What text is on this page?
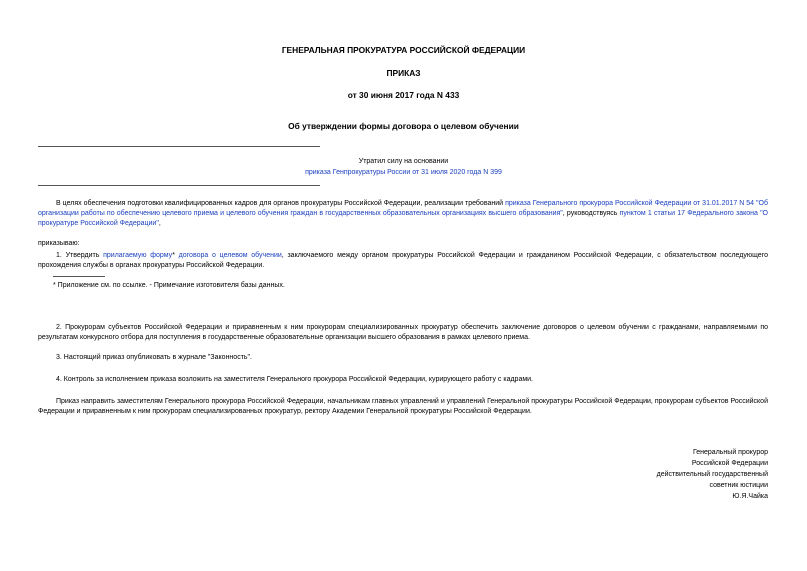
ГЕНЕРАЛЬНАЯ ПРОКУРАТУРА РОССИЙСКОЙ ФЕДЕРАЦИИ
ПРИКАЗ
от 30 июня 2017 года N 433
Об утверждении формы договора о целевом обучении
Утратил силу на основании
приказа Генпрокуратуры России от 31 июля 2020 года N 399
В целях обеспечения подготовки квалифицированных кадров для органов прокуратуры Российской Федерации, реализации требований приказа Генерального прокурора Российской Федерации от 31.01.2017 N 54 "Об организации работы по обеспечению целевого приема и целевого обучения граждан в государственных образовательных организациях высшего образования", руководствуясь пунктом 1 статьи 17 Федерального закона "О прокуратуре Российской Федерации",
приказываю:
1. Утвердить прилагаемую форму* договора о целевом обучении, заключаемого между органом прокуратуры Российской Федерации и гражданином Российской Федерации, с обязательством последующего прохождения службы в органах прокуратуры Российской Федерации.
* Приложение см. по ссылке. - Примечание изготовителя базы данных.
2. Прокурорам субъектов Российской Федерации и приравненным к ним прокурорам специализированных прокуратур обеспечить заключение договоров о целевом обучении с гражданами, направляемыми по результатам конкурсного отбора для поступления в государственные образовательные организации высшего образования в рамках целевого приема.
3. Настоящий приказ опубликовать в журнале "Законность".
4. Контроль за исполнением приказа возложить на заместителя Генерального прокурора Российской Федерации, курирующего работу с кадрами.
Приказ направить заместителям Генерального прокурора Российской Федерации, начальникам главных управлений и управлений Генеральной прокуратуры Российской Федерации, прокурорам субъектов Российской Федерации и приравненным к ним прокурорам специализированных прокуратур, ректору Академии Генеральной прокуратуры Российской Федерации.
Генеральный прокурор
Российской Федерации
действительный государственный
советник юстиции
Ю.Я.Чайка
